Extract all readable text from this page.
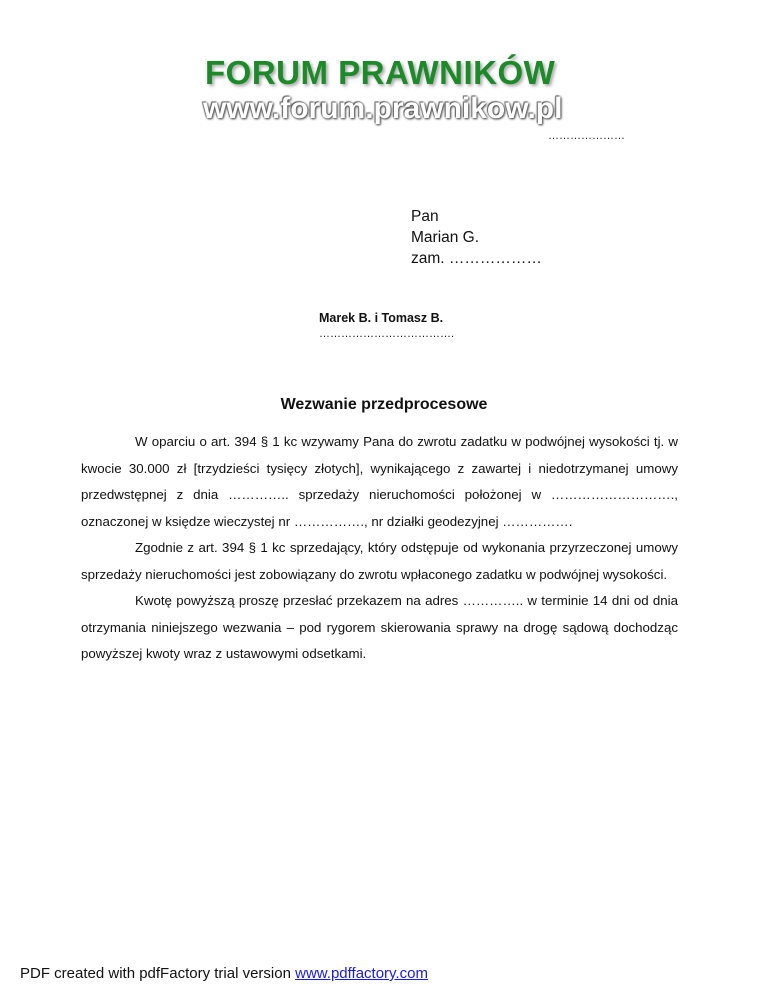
FORUM PRAWNIKÓW
www.forum.prawnikow.pl
…………………
Pan
Marian G.
zam. ………………
Marek B. i Tomasz B.
……………………………….
Wezwanie przedprocesowe

W oparciu o art. 394 § 1 kc wzywamy Pana do zwrotu zadatku w podwójnej wysokości tj. w kwocie 30.000 zł [trzydzieści tysięcy złotych], wynikającego z zawartej i niedotrzymanej umowy przedwstępnej z dnia ………….. sprzedaży nieruchomości położonej w ………………………., oznaczonej w księdze wieczystej nr ……………., nr działki geodezyjnej …………….

Zgodnie z art. 394 § 1 kc sprzedający, który odstępuje od wykonania przyrzeczonej umowy sprzedaży nieruchomości jest zobowiązany do zwrotu wpłaconego zadatku w podwójnej wysokości.

Kwotę powyższą proszę przesłać przekazem na adres ………….. w terminie 14 dni od dnia otrzymania niniejszego wezwania – pod rygorem skierowania sprawy na drogę sądową dochodząc powyższej kwoty wraz z ustawowymi odsetkami.

PDF created with pdfFactory trial version www.pdffactory.com
